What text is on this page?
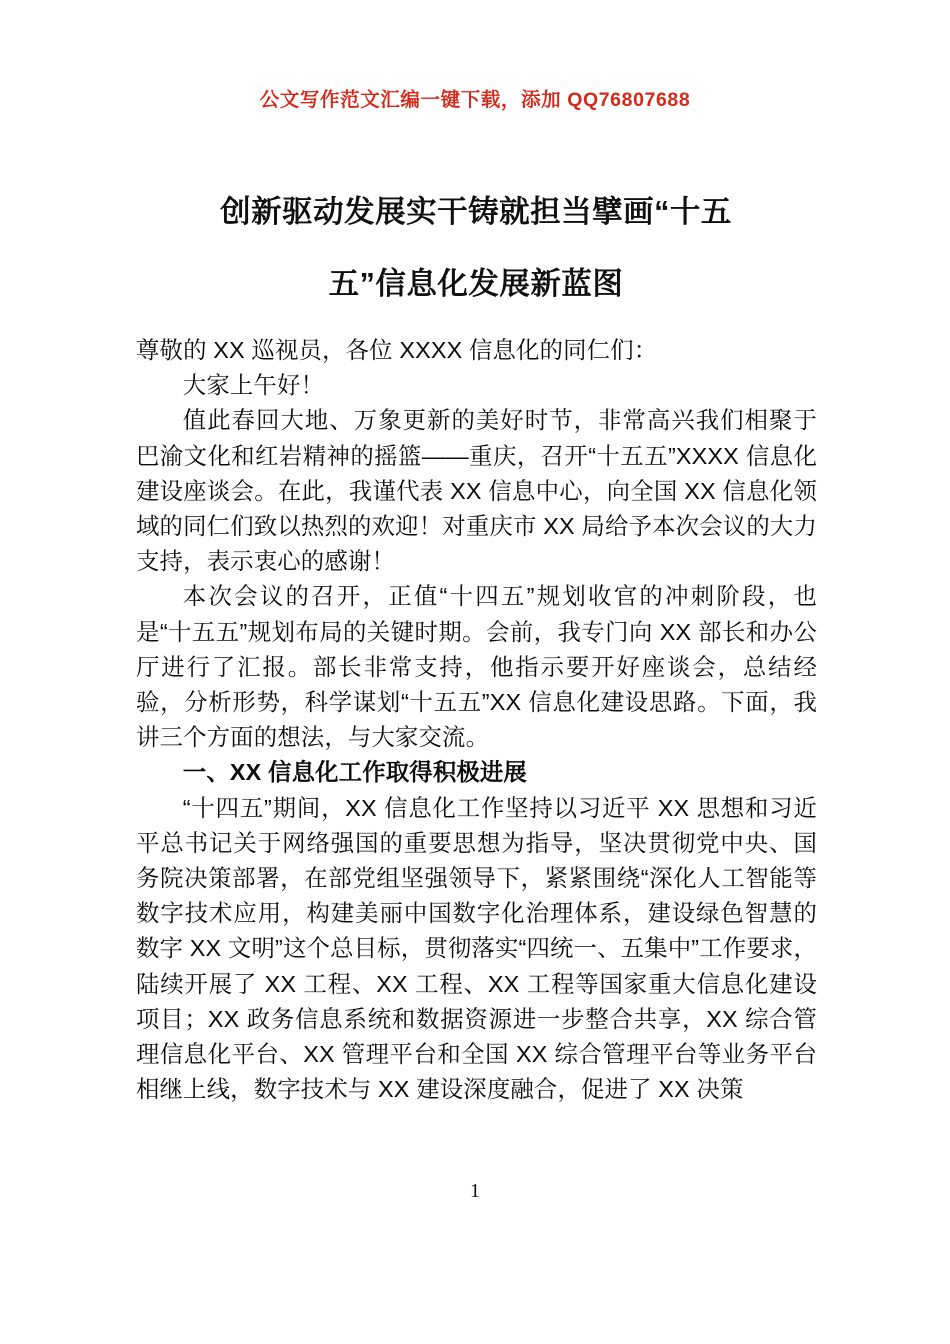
公文写作范文汇编一键下载，添加 QQ76807688
创新驱动发展实干铸就担当擘画“十五
五”信息化发展新蓝图

尊敬的 XX 巡视员，各位 XXXX 信息化的同仁们：

大家上午好！

值此春回大地、万象更新的美好时节，非常高兴我们相聚于巴渝文化和红岩精神的摇篮——重庆，召开“十五五”XXXX 信息化建设座谈会。在此，我谨代表 XX 信息中心，向全国 XX 信息化领域的同仁们致以热烈的欢迎！对重庆市 XX 局给予本次会议的大力支持，表示衷心的感谢！

本次会议的召开，正值“十四五”规划收官的冲刺阶段，也是“十五五”规划布局的关键时期。会前，我专门向 XX 部长和办公厅进行了汇报。部长非常支持，他指示要开好座谈会，总结经验，分析形势，科学谋划“十五五”XX 信息化建设思路。下面，我讲三个方面的想法，与大家交流。

一、XX 信息化工作取得积极进展

“十四五”期间，XX 信息化工作坚持以习近平 XX 思想和习近平总书记关于网络强国的重要思想为指导，坚决贯彻党中央、国务院决策部署，在部党组坚强领导下，紧紧围绕“深化人工智能等数字技术应用，构建美丽中国数字化治理体系，建设绿色智慧的数字 XX 文明”这个总目标，贯彻落实“四统一、五集中”工作要求，陆续开展了 XX 工程、XX 工程、XX 工程等国家重大信息化建设项目；XX 政务信息系统和数据资源进一步整合共享，XX 综合管理信息化平台、XX 管理平台和全国 XX 综合管理平台等业务平台相继上线，数字技术与 XX 建设深度融合，促进了 XX 决策

1
